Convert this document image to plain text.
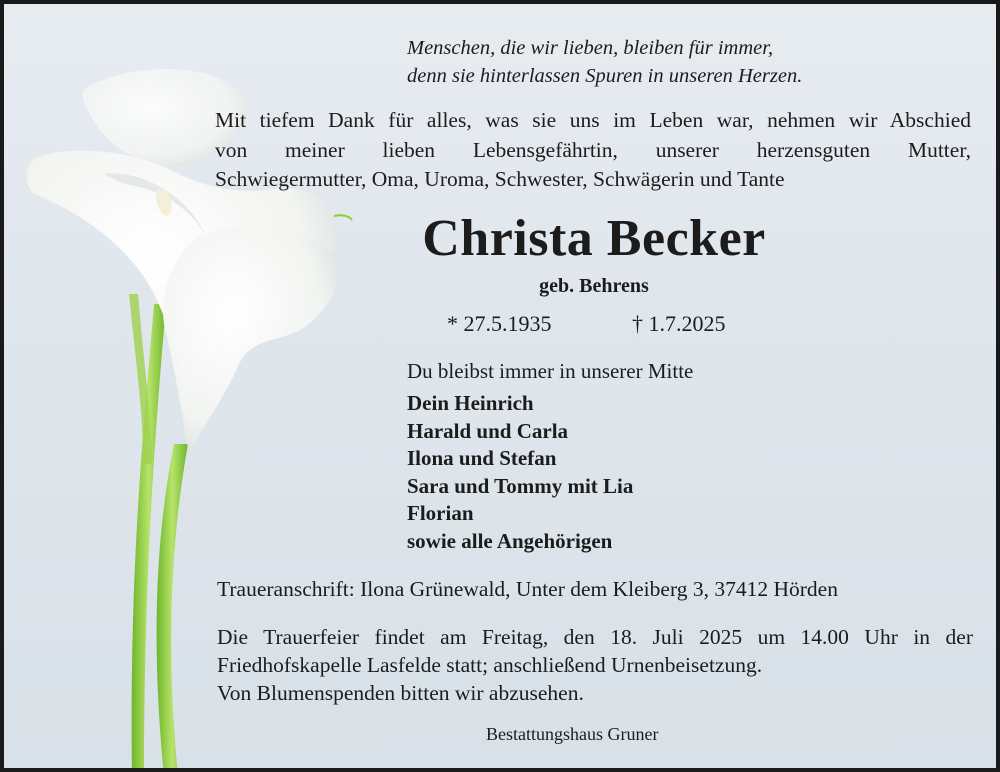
Menschen, die wir lieben, bleiben für immer,
denn sie hinterlassen Spuren in unseren Herzen.
Mit tiefem Dank für alles, was sie uns im Leben war, nehmen wir Abschied
von meiner lieben Lebensgefährtin, unserer herzensguten Mutter,
Schwiegermutter, Oma, Uroma, Schwester, Schwägerin und Tante
Christa Becker
geb. Behrens
* 27.5.1935	† 1.7.2025
Du bleibst immer in unserer Mitte
Dein Heinrich
Harald und Carla
Ilona und Stefan
Sara und Tommy mit Lia
Florian
sowie alle Angehörigen
Traueranschrift: Ilona Grünewald, Unter dem Kleiberg 3, 37412 Hörden
Die Trauerfeier findet am Freitag, den 18. Juli 2025 um 14.00 Uhr in der
Friedhofskapelle Lasfelde statt; anschließend Urnenbeisetzung.
Von Blumenspenden bitten wir abzusehen.
Bestattungshaus Gruner
